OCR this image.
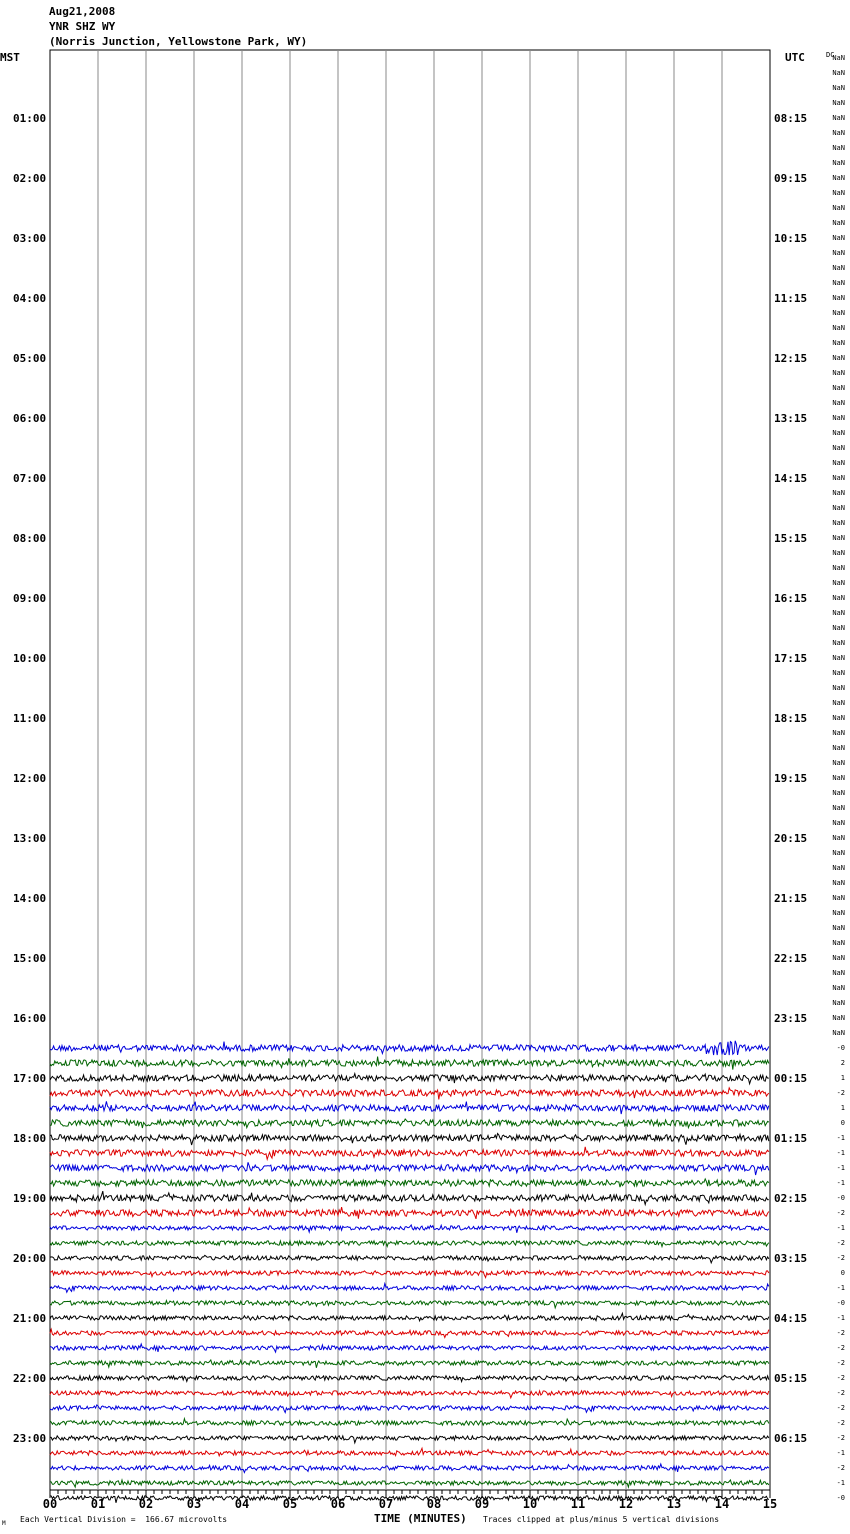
Aug21,2008
YNR SHZ WY
(Norris Junction, Yellowstone Park, WY)
00	01	02	03	04	05	06	07	08	09	10	11	12	13	14	15
MST	UTC	DC
01:00	08:15
02:00	09:15
03:00	10:15
04:00	11:15
05:00	12:15
06:00	13:15
07:00	14:15
08:00	15:15
09:00	16:15
10:00	17:15
11:00	18:15
12:00	19:15
13:00	20:15
14:00	21:15
15:00	22:15
16:00	23:15
17:00	00:15
18:00	01:15
19:00	02:15
20:00	03:15
21:00	04:15
22:00	05:15
23:00	06:15
NaN
NaN
NaN
NaN
NaN
NaN
NaN
NaN
NaN
NaN
NaN
NaN
NaN
NaN
NaN
NaN
NaN
NaN
NaN
NaN
NaN
NaN
NaN
NaN
NaN
NaN
NaN
NaN
NaN
NaN
NaN
NaN
NaN
NaN
NaN
NaN
NaN
NaN
NaN
NaN
NaN
NaN
NaN
NaN
NaN
NaN
NaN
NaN
NaN
NaN
NaN
NaN
NaN
NaN
NaN
NaN
NaN
NaN
NaN
NaN
NaN
NaN
NaN
NaN
NaN
NaN
-0
2
1
-2
1
0
-1
-1
-1
-1
-0
-2
-1
-2
-2
0
-1
-0
-1
-2
-2
-2
-2
-2
-2
-2
-2
-1
-2
-1
-0
Each Vertical Division =  166.67 microvolts	TIME (MINUTES) Traces clipped at plus/minus 5 vertical divisions
M
